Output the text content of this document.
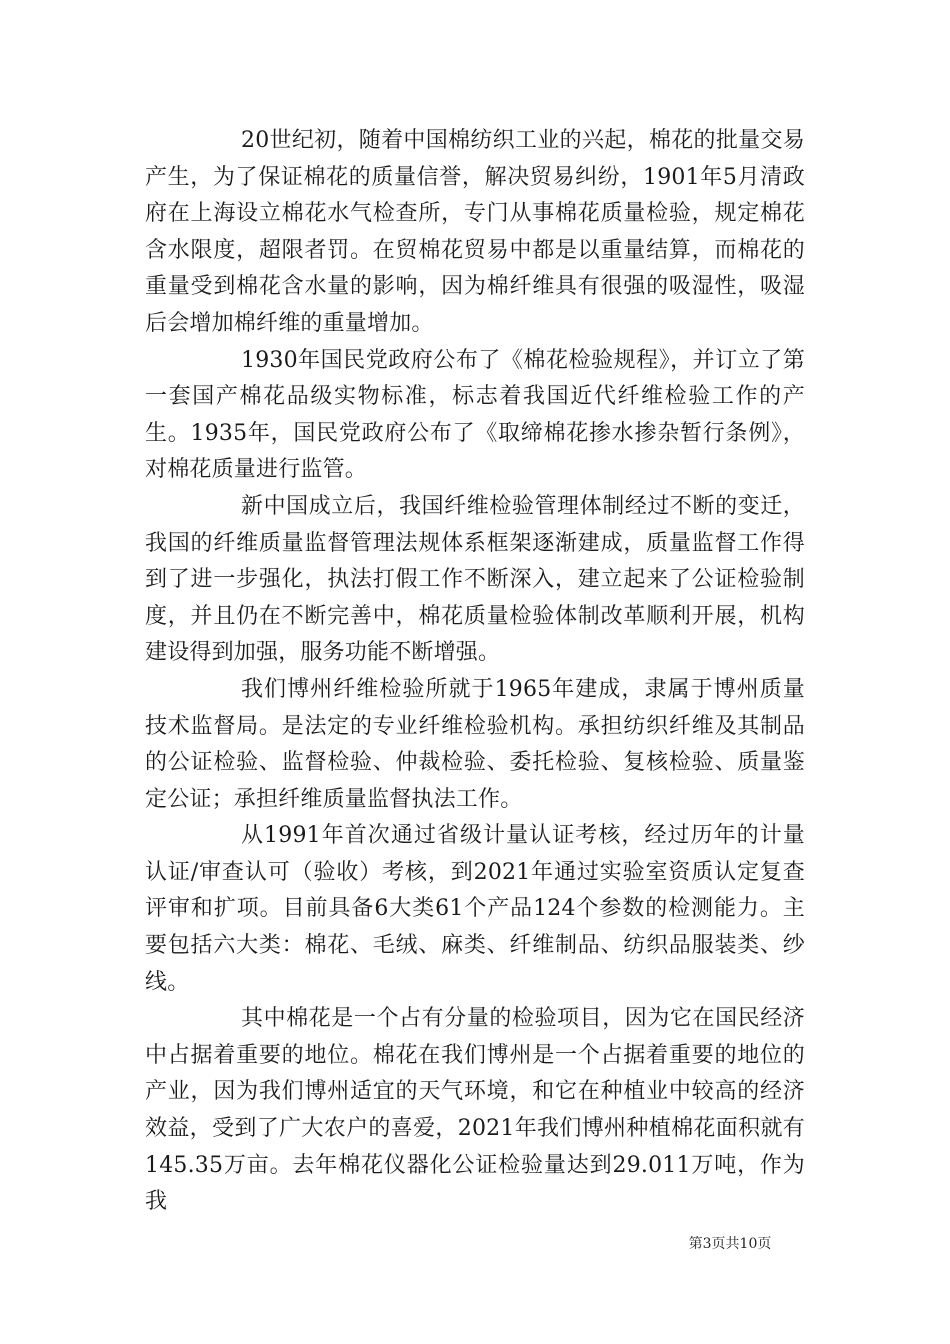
20世纪初，随着中国棉纺织工业的兴起，棉花的批量交易产生，为了保证棉花的质量信誉，解决贸易纠纷，1901年5月清政府在上海设立棉花水气检查所，专门从事棉花质量检验，规定棉花含水限度，超限者罚。在贸棉花贸易中都是以重量结算，而棉花的重量受到棉花含水量的影响，因为棉纤维具有很强的吸湿性，吸湿后会增加棉纤维的重量增加。

1930年国民党政府公布了《棉花检验规程》，并订立了第一套国产棉花品级实物标准，标志着我国近代纤维检验工作的产生。1935年，国民党政府公布了《取缔棉花掺水掺杂暂行条例》，对棉花质量进行监管。

新中国成立后，我国纤维检验管理体制经过不断的变迁，我国的纤维质量监督管理法规体系框架逐渐建成，质量监督工作得到了进一步强化，执法打假工作不断深入，建立起来了公证检验制度，并且仍在不断完善中，棉花质量检验体制改革顺利开展，机构建设得到加强，服务功能不断增强。

我们博州纤维检验所就于1965年建成，隶属于博州质量技术监督局。是法定的专业纤维检验机构。承担纺织纤维及其制品的公证检验、监督检验、仲裁检验、委托检验、复核检验、质量鉴定公证；承担纤维质量监督执法工作。

从1991年首次通过省级计量认证考核，经过历年的计量认证/审查认可（验收）考核，到2021年通过实验室资质认定复查评审和扩项。目前具备6大类61个产品124个参数的检测能力。主要包括六大类：棉花、毛绒、麻类、纤维制品、纺织品服装类、纱线。

其中棉花是一个占有分量的检验项目，因为它在国民经济中占据着重要的地位。棉花在我们博州是一个占据着重要的地位的产业，因为我们博州适宜的天气环境，和它在种植业中较高的经济效益，受到了广大农户的喜爱，2021年我们博州种植棉花面积就有145.35万亩。去年棉花仪器化公证检验量达到29.011万吨，作为我

第3页共10页
